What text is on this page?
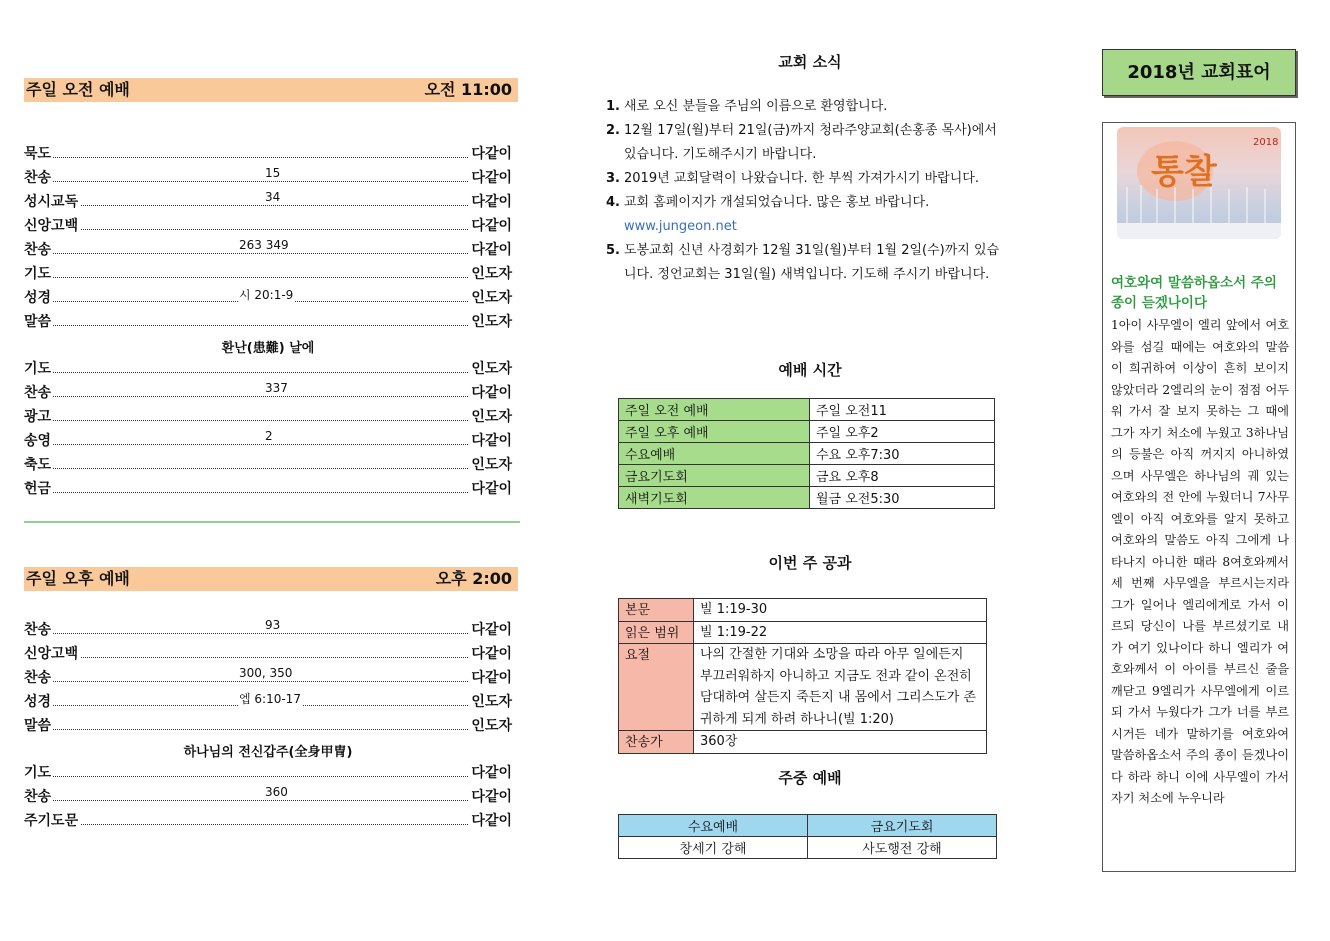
주일 오전 예배	오전 11:00
묵도	다같이
찬송	15	다같이
성시교독	34	다같이
신앙고백	다같이
찬송	263 349	다같이
기도	인도자
성경	시 20:1-9	인도자
말씀	인도자
환난(患難) 날에
기도	인도자
찬송	337	다같이
광고	인도자
송영	2	다같이
축도	인도자
헌금	다같이
주일 오후 예배	오후 2:00
찬송	93	다같이
신앙고백	다같이
찬송	300, 350	다같이
성경	엡 6:10-17	인도자
말씀	인도자
하나님의 전신갑주(全身甲冑)
기도	다같이
찬송	360	다같이
주기도문	다같이
교회 소식
1. 새로 오신 분들을 주님의 이름으로 환영합니다.
2. 12월 17일(월)부터 21일(금)까지 청라주양교회(손홍종 목사)에서 있습니다. 기도해주시기 바랍니다.
3. 2019년 교회달력이 나왔습니다. 한 부씩 가져가시기 바랍니다.
4. 교회 홈페이지가 개설되었습니다. 많은 홍보 바랍니다.
www.jungeon.net
5. 도봉교회 신년 사경회가 12월 31일(월)부터 1월 2일(수)까지 있습니다. 정언교회는 31일(월) 새벽입니다. 기도해 주시기 바랍니다.
예배 시간
주일 오전 예배	주일 오전11
주일 오후 예배	주일 오후2
수요예배	수요 오후7:30
금요기도회	금요 오후8
새벽기도회	월금 오전5:30
이번 주 공과
본문	빌 1:19-30
읽은 범위	빌 1:19-22
요절	나의 간절한 기대와 소망을 따라 아무 일에든지 부끄러워하지 아니하고 지금도 전과 같이 온전히 담대하여 살든지 죽든지 내 몸에서 그리스도가 존귀하게 되게 하려 하나니(빌 1:20)
찬송가	360장
주중 예배
수요예배	금요기도회
창세기 강해	사도행전 강해
2018년 교회표어
통찰
2018
여호와여 말씀하옵소서 주의 종이 듣겠나이다
1아이 사무엘이 엘리 앞에서 여호와를 섬길 때에는 여호와의 말씀이 희귀하여 이상이 흔히 보이지 않았더라 2엘리의 눈이 점점 어두워 가서 잘 보지 못하는 그 때에 그가 자기 처소에 누웠고 3하나님의 등불은 아직 꺼지지 아니하였으며 사무엘은 하나님의 궤 있는 여호와의 전 안에 누웠더니 7사무엘이 아직 여호와를 알지 못하고 여호와의 말씀도 아직 그에게 나타나지 아니한 때라 8여호와께서 세 번째 사무엘을 부르시는지라 그가 일어나 엘리에게로 가서 이르되 당신이 나를 부르셨기로 내가 여기 있나이다 하니 엘리가 여호와께서 이 아이를 부르신 줄을 깨닫고 9엘리가 사무엘에게 이르되 가서 누웠다가 그가 너를 부르시거든 네가 말하기를 여호와여 말씀하옵소서 주의 종이 듣겠나이다 하라 하니 이에 사무엘이 가서 자기 처소에 누우니라
